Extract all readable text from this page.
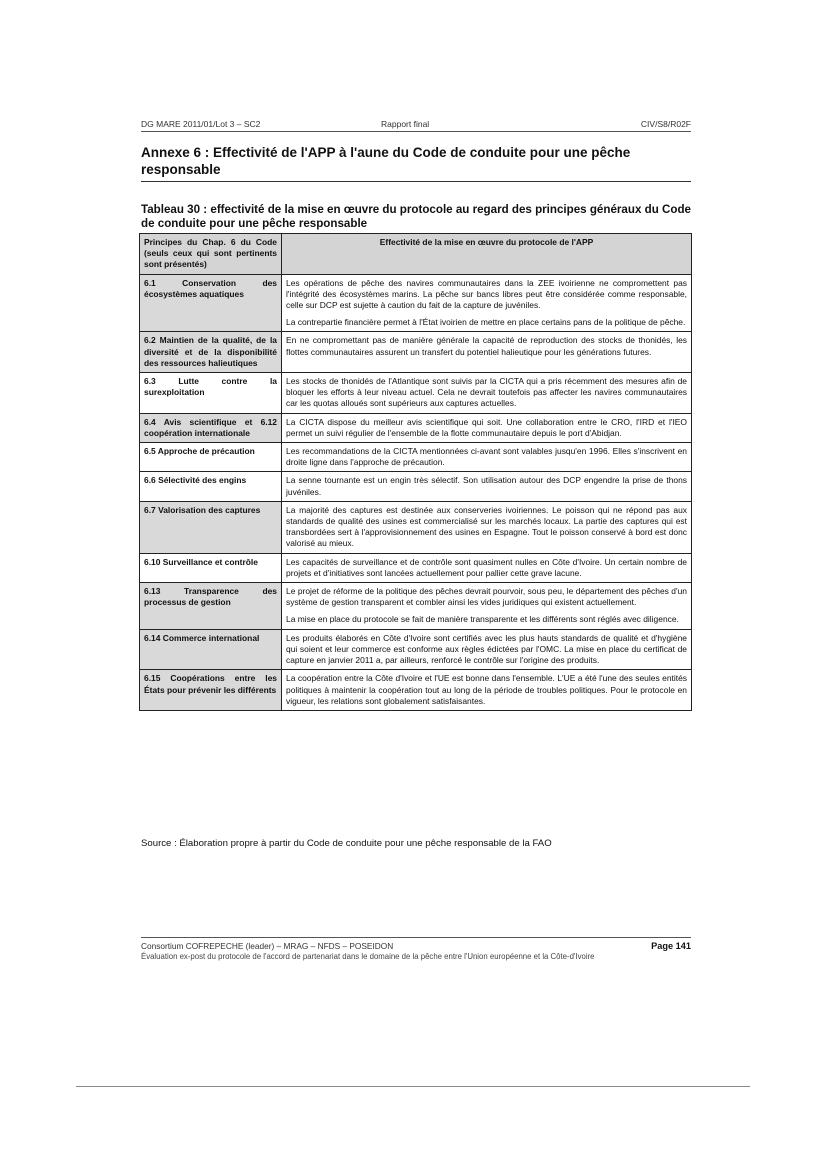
DG MARE 2011/01/Lot 3 – SC2	Rapport final	CIV/S8/R02F
Annexe 6 : Effectivité de l'APP à l'aune du Code de conduite pour une pêche responsable
Tableau 30 : effectivité de la mise en œuvre du protocole au regard des principes généraux du Code de conduite pour une pêche responsable
Principes du Chap. 6 du Code (seuls ceux qui sont pertinents sont présentés)	Effectivité de la mise en œuvre du protocole de l'APP
6.1 Conservation des écosystèmes aquatiques	Les opérations de pêche des navires communautaires dans la ZEE ivoirienne ne compromettent pas l'intégrité des écosystèmes marins. La pêche sur bancs libres peut être considérée comme responsable, celle sur DCP est sujette à caution du fait de la capture de juvéniles.
La contrepartie financière permet à l'État ivoirien de mettre en place certains pans de la politique de pêche.

6.2 Maintien de la qualité, de la diversité et de la disponibilité des ressources halieutiques	En ne compromettant pas de manière générale la capacité de reproduction des stocks de thonidés, les flottes communautaires assurent un transfert du potentiel halieutique pour les générations futures.

6.3 Lutte contre la surexploitation	Les stocks de thonidés de l'Atlantique sont suivis par la CICTA qui a pris récemment des mesures afin de bloquer les efforts à leur niveau actuel. Cela ne devrait toutefois pas affecter les navires communautaires car les quotas alloués sont supérieurs aux captures actuelles.

6.4 Avis scientifique et 6.12 coopération internationale	La CICTA dispose du meilleur avis scientifique qui soit. Une collaboration entre le CRO, l'IRD et l'IEO permet un suivi régulier de l'ensemble de la flotte communautaire depuis le port d'Abidjan.

6.5 Approche de précaution	Les recommandations de la CICTA mentionnées ci-avant sont valables jusqu'en 1996. Elles s'inscrivent en droite ligne dans l'approche de précaution.

6.6 Sélectivité des engins	La senne tournante est un engin très sélectif. Son utilisation autour des DCP engendre la prise de thons juvéniles.

6.7 Valorisation des captures	La majorité des captures est destinée aux conserveries ivoiriennes. Le poisson qui ne répond pas aux standards de qualité des usines est commercialisé sur les marchés locaux. La partie des captures qui est transbordées sert à l'approvisionnement des usines en Espagne. Tout le poisson conservé à bord est donc valorisé au mieux.

6.10 Surveillance et contrôle	Les capacités de surveillance et de contrôle sont quasiment nulles en Côte d'Ivoire. Un certain nombre de projets et d'initiatives sont lancées actuellement pour pallier cette grave lacune.

6.13 Transparence des processus de gestion	Le projet de réforme de la politique des pêches devrait pourvoir, sous peu, le département des pêches d'un système de gestion transparent et combler ainsi les vides juridiques qui existent actuellement.
La mise en place du protocole se fait de manière transparente et les différents sont réglés avec diligence.

6.14 Commerce international	Les produits élaborés en Côte d'Ivoire sont certifiés avec les plus hauts standards de qualité et d'hygiène qui soient et leur commerce est conforme aux règles édictées par l'OMC. La mise en place du certificat de capture en janvier 2011 a, par ailleurs, renforcé le contrôle sur l'origine des produits.

6.15 Coopérations entre les États pour prévenir les différents	La coopération entre la Côte d'Ivoire et l'UE est bonne dans l'ensemble. L'UE a été l'une des seules entités politiques à maintenir la coopération tout au long de la période de troubles politiques. Pour le protocole en vigueur, les relations sont globalement satisfaisantes.
Source : Élaboration propre à partir du Code de conduite pour une pêche responsable de la FAO
Consortium COFREPECHE (leader) – MRAG – NFDS – POSEIDON	Page 141
Évaluation ex-post du protocole de l'accord de partenariat dans le domaine de la pêche entre l'Union européenne et la Côte-d'Ivoire
